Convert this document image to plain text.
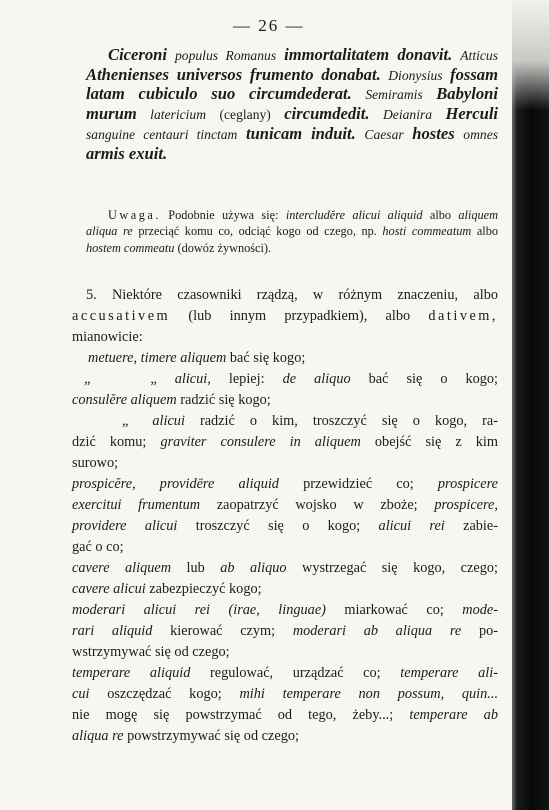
— 26 —
Ciceroni populus Romanus immortalitatem donavit. Atticus Athenienses universos frumento donabat. Dionysius fossam latam cubiculo suo circumdederat. Semiramis Babyloni murum latericium (ceglany) circumdedit. Deianira Herculi sanguine centauri tinctam tunicam induit. Caesar hostes omnes armis exuit.
Uwaga. Podobnie używa się: intercludĕre alicui aliquid albo aliquem aliqua re przeciąć komu co, odciąć kogo od czego, np. hosti commeatum albo hostem commeatu (dowóz żywności).
5. Niektóre czasowniki rządzą, w różnym znaczeniu, albo
accusativem (lub innym przypadkiem), albo dativem,
mianowicie:
metuere, timere aliquem bać się kogo;
„	„ alicui, lepiej: de aliquo bać się o kogo;
consulĕre aliquem radzić się kogo;
„ alicui radzić o kim, troszczyć się o kogo, ra-
dzić komu; graviter consulere in aliquem obejść się z kim
surowo;
prospicĕre, providēre aliquid przewidzieć co; prospicere
exercitui frumentum zaopatrzyć wojsko w zboże; prospicere,
providere alicui troszczyć się o kogo; alicui rei zabie-
gać o co;
cavere aliquem lub ab aliquo wystrzegać się kogo, czego;
cavere alicui zabezpieczyć kogo;
moderari alicui rei (irae, linguae) miarkować co; mode-
rari aliquid kierować czym; moderari ab aliqua re po-
wstrzymywać się od czego;
temperare aliquid regulować, urządzać co; temperare ali-
cui oszczędzać kogo; mihi temperare non possum, quin...
nie mogę się powstrzymać od tego, żeby...; temperare ab
aliqua re powstrzymywać się od czego;
